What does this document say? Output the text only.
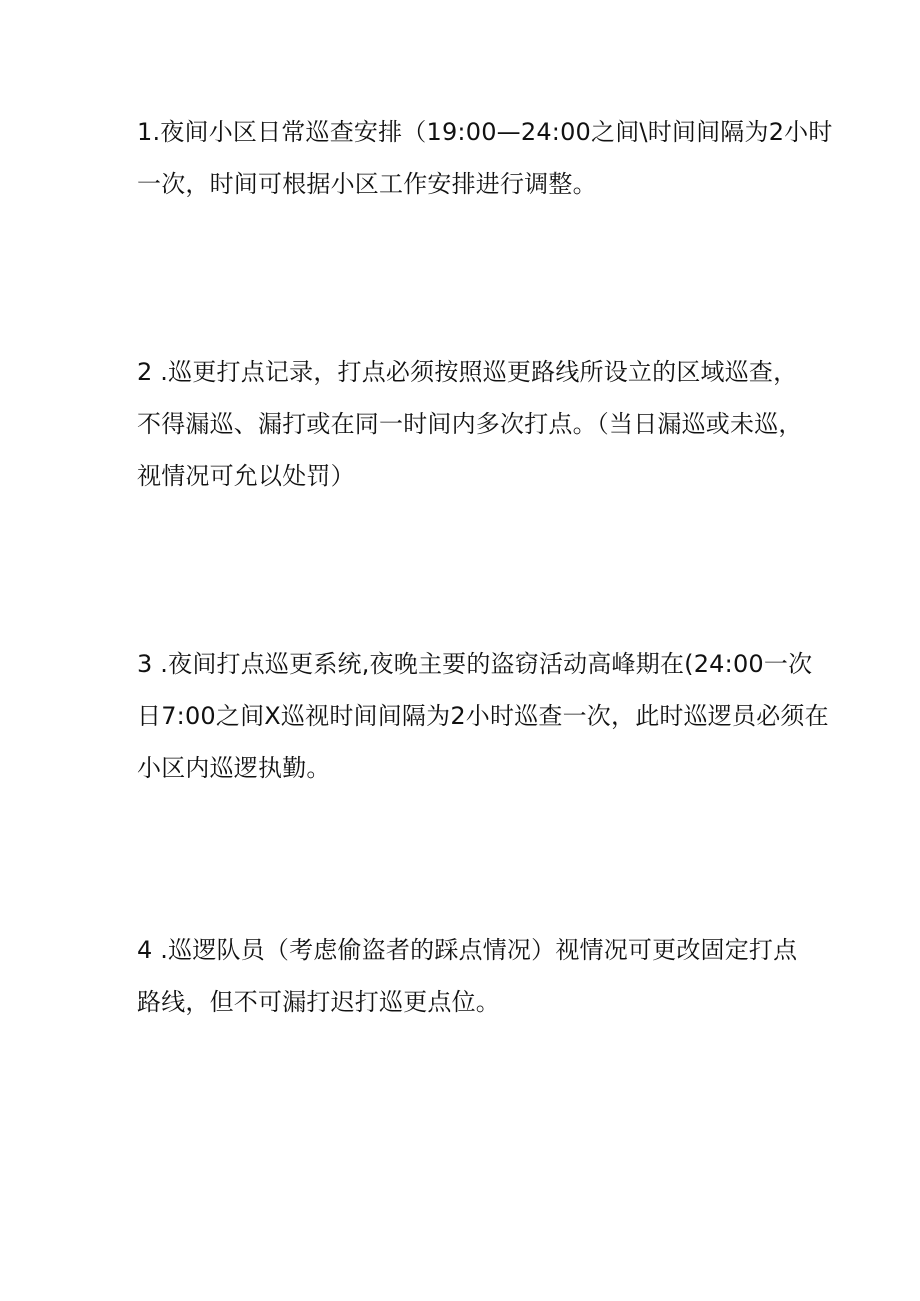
1.夜间小区日常巡查安排（19:00—24:00之间\时间间隔为2小时
一次，时间可根据小区工作安排进行调整。
2 .巡更打点记录，打点必须按照巡更路线所设立的区域巡查，
不得漏巡、漏打或在同一时间内多次打点。（当日漏巡或未巡，
视情况可允以处罚）
3 .夜间打点巡更系统,夜晚主要的盗窃活动高峰期在(24:00一次
日7:00之间X巡视时间间隔为2小时巡查一次，此时巡逻员必须在
小区内巡逻执勤。
4 .巡逻队员（考虑偷盗者的踩点情况）视情况可更改固定打点
路线，但不可漏打迟打巡更点位。
